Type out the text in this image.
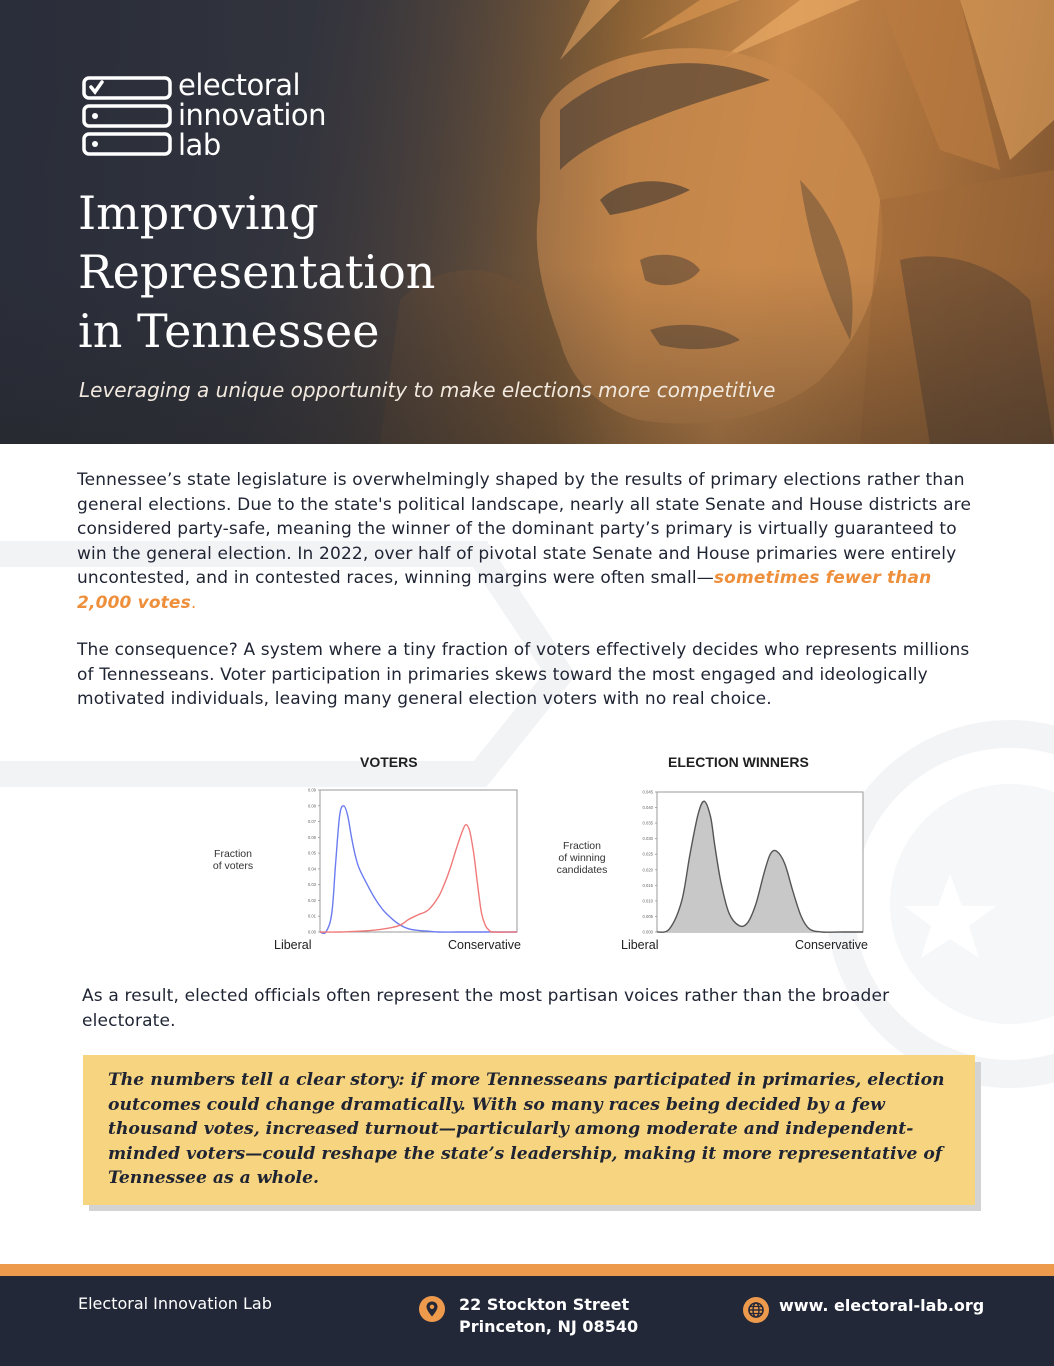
electoral
innovation
lab
Improving
Representation
in Tennessee

Leveraging a unique opportunity to make elections more competitive

Tennessee’s state legislature is overwhelmingly shaped by the results of primary elections rather than general elections. Due to the state's political landscape, nearly all state Senate and House districts are considered party-safe, meaning the winner of the dominant party’s primary is virtually guaranteed to win the general election. In 2022, over half of pivotal state Senate and House primaries were entirely uncontested, and in contested races, winning margins were often small—sometimes fewer than 2,000 votes.

The consequence? A system where a tiny fraction of voters effectively decides who represents millions of Tennesseans. Voter participation in primaries skews toward the most engaged and ideologically motivated individuals, leaving many general election voters with no real choice.

VOTERS
Fraction
of voters
0.00
0.01
0.02
0.03
0.04
0.05
0.06
0.07
0.08
0.09
Liberal	Conservative
ELECTION WINNERS
Fraction
of winning
candidates
0.000
0.005
0.010
0.015
0.020
0.025
0.030
0.035
0.040
0.045
Liberal	Conservative

As a result, elected officials often represent the most partisan voices rather than the broader electorate.

The numbers tell a clear story: if more Tennesseans participated in primaries, election outcomes could change dramatically. With so many races being decided by a few thousand votes, increased turnout—particularly among moderate and independent-minded voters—could reshape the state’s leadership, making it more representative of Tennessee as a whole.

Electoral Innovation Lab	22 Stockton Street
Princeton, NJ 08540
www. electoral-lab.org
